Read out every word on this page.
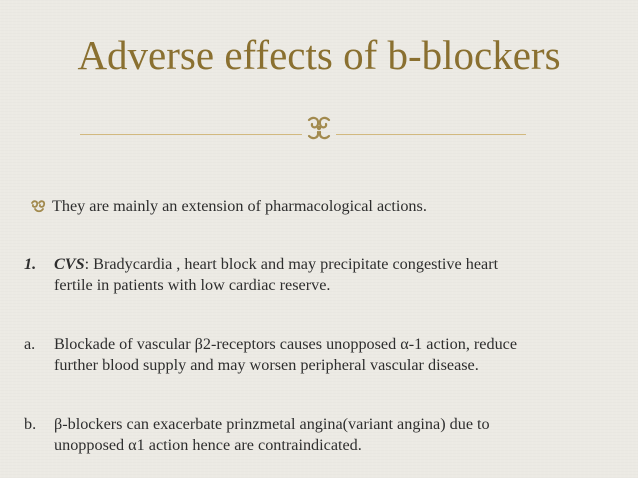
Adverse effects of b-blockers
They are mainly an extension of pharmacological actions.
1. CVS: Bradycardia , heart block and may precipitate congestive heart
fertile in patients with low cardiac reserve.
a. Blockade of vascular β2-receptors causes unopposed α-1 action, reduce
further blood supply and may worsen peripheral vascular disease.
b. β-blockers can exacerbate prinzmetal angina(variant angina) due to
unopposed α1 action hence are contraindicated.
